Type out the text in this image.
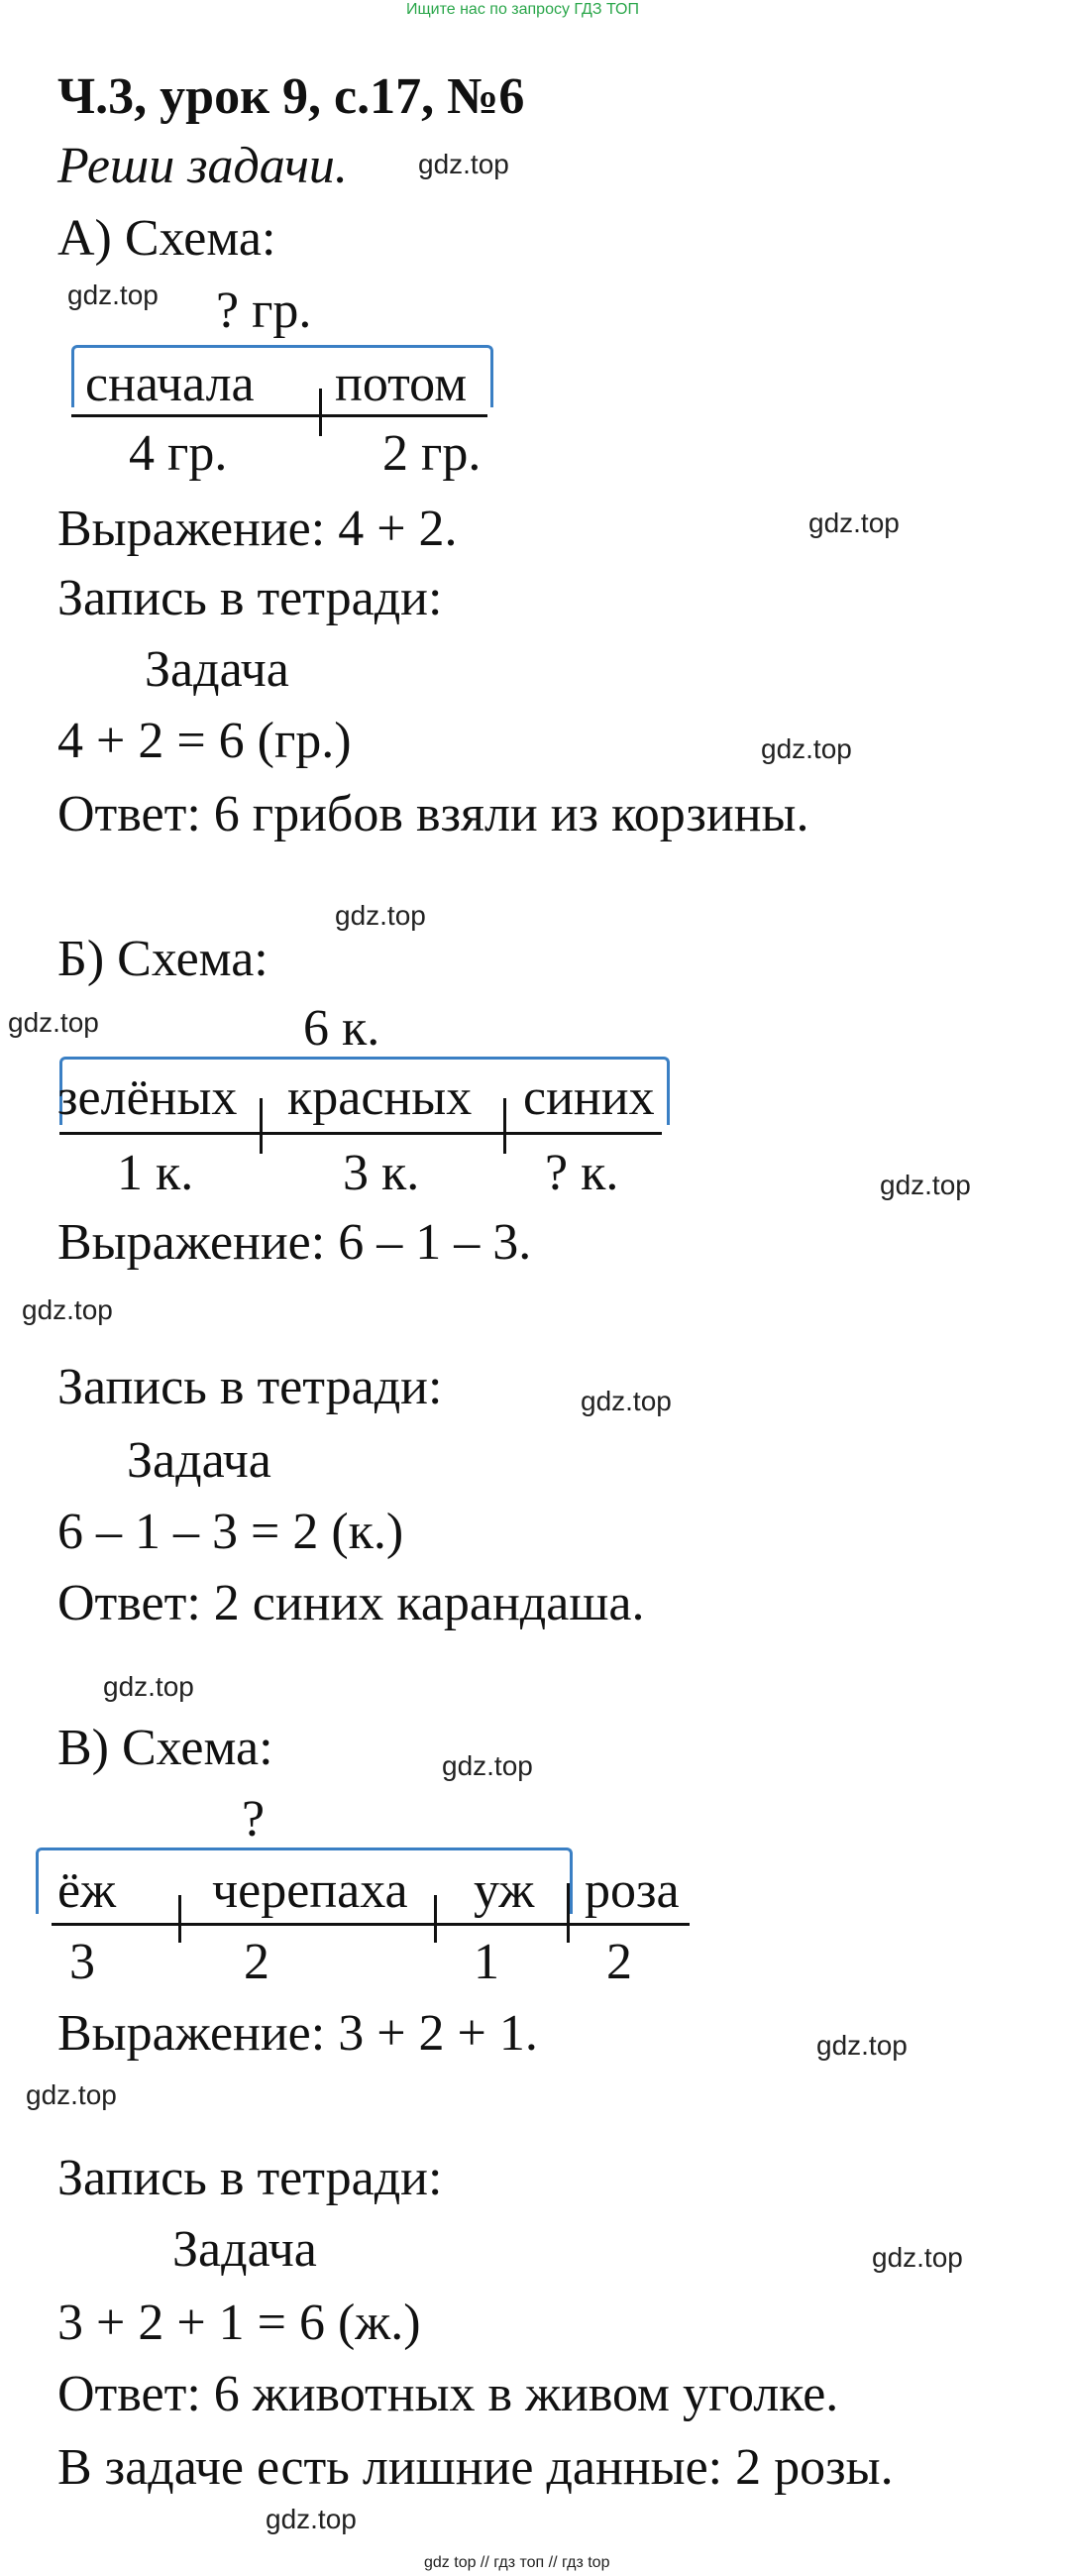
Ищите нас по запросу ГДЗ ТОП
Ч.3, урок 9, с.17, №6
Реши задачи.
А) Схема:
? гр.
сначала потом
4 гр.	2 гр.
Выражение: 4 + 2.
Запись в тетради:
Задача
4 + 2 = 6 (гр.)
Ответ: 6 грибов взяли из корзины.
Б) Схема:
6 к.
зелёных красных синих
1 к.	3 к. ? к.
Выражение: 6 – 1 – 3.
Запись в тетради:
Задача
6 – 1 – 3 = 2 (к.)
Ответ: 2 синих карандаша.
В) Схема:
?
ёж черепаха уж роза
3	2	1 2
Выражение: 3 + 2 + 1.
Запись в тетради:
Задача
3 + 2 + 1 = 6 (ж.)
Ответ: 6 животных в живом уголке.
В задаче есть лишние данные: 2 розы.
gdz.top
gdz.top
gdz.top
gdz.top
gdz.top
gdz.top
gdz.top
gdz.top
gdz.top
gdz.top
gdz.top
gdz.top
gdz.top
gdz.top
gdz.top
gdz top // гдз топ // гдз top
